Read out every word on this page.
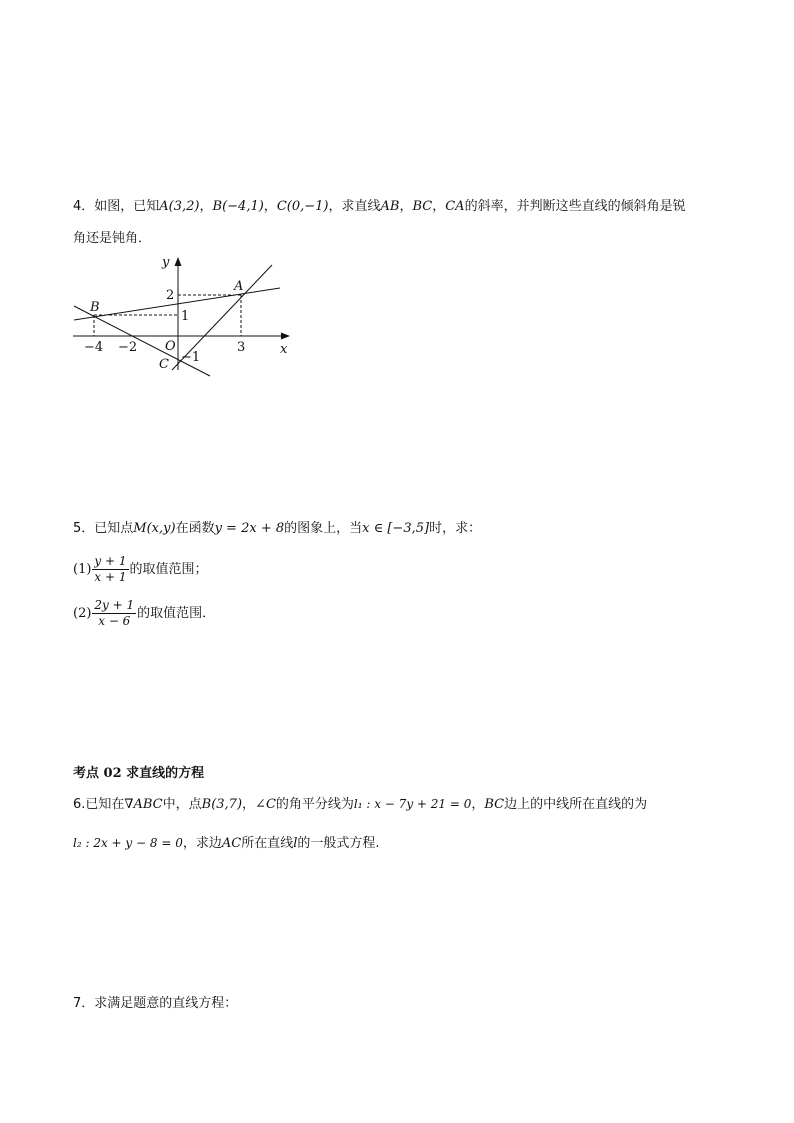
4．如图，已知A(3,2)，B(−4,1)，C(0,−1)，求直线AB，BC，CA的斜率，并判断这些直线的倾斜角是锐
角还是钝角．
y
x
A
B
C
O
2
1
−1
−4 −2	3
5．已知点M(x,y)在函数y = 2x + 8的图象上，当x ∈ [−3,5]时，求：
$(1) \frac{y + 1}{x + 1}$ 的取值范围；
$(2) \frac{2y + 1}{x - 6}$ 的取值范围．
考点 02 求直线的方程
6.已知在∇ABC中，点B(3,7)，∠C的角平分线为l₁ : x − 7y + 21 = 0，BC边上的中线所在直线的为
l₂ : 2x + y − 8 = 0，求边AC所在直线l的一般式方程.
7．求满足题意的直线方程：
